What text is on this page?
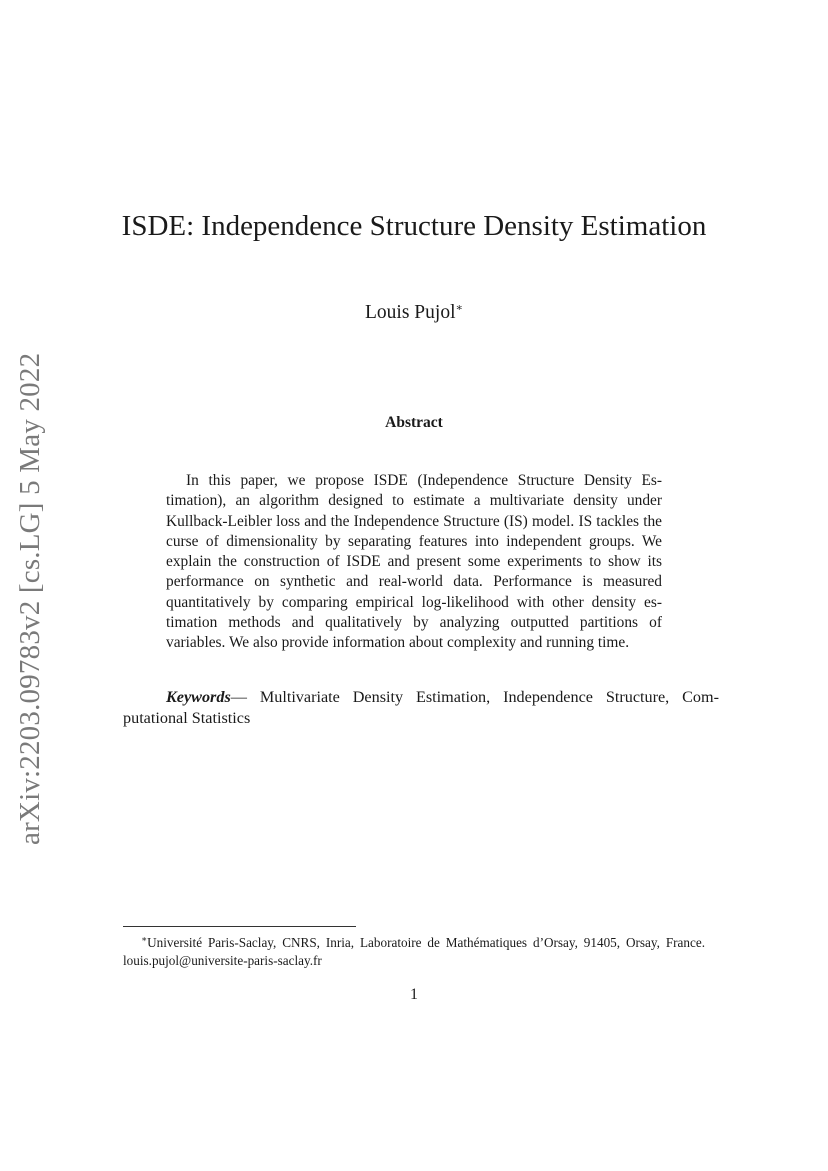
arXiv:2203.09783v2 [cs.LG] 5 May 2022
ISDE: Independence Structure Density Estimation
Louis Pujol∗
Abstract
In this paper, we propose ISDE (Independence Structure Density Estimation), an algorithm designed to estimate a multivariate density under Kullback-Leibler loss and the Independence Structure (IS) model. IS tackles the curse of dimensionality by separating features into independent groups. We explain the construction of ISDE and present some experiments to show its performance on synthetic and real-world data. Performance is measured quantitatively by comparing empirical log-likelihood with other density estimation methods and qualitatively by analyzing outputted partitions of variables. We also provide information about complexity and running time.
Keywords— Multivariate Density Estimation, Independence Structure, Computational Statistics
∗Université Paris-Saclay, CNRS, Inria, Laboratoire de Mathématiques d’Orsay, 91405, Orsay, France. louis.pujol@universite-paris-saclay.fr
1
